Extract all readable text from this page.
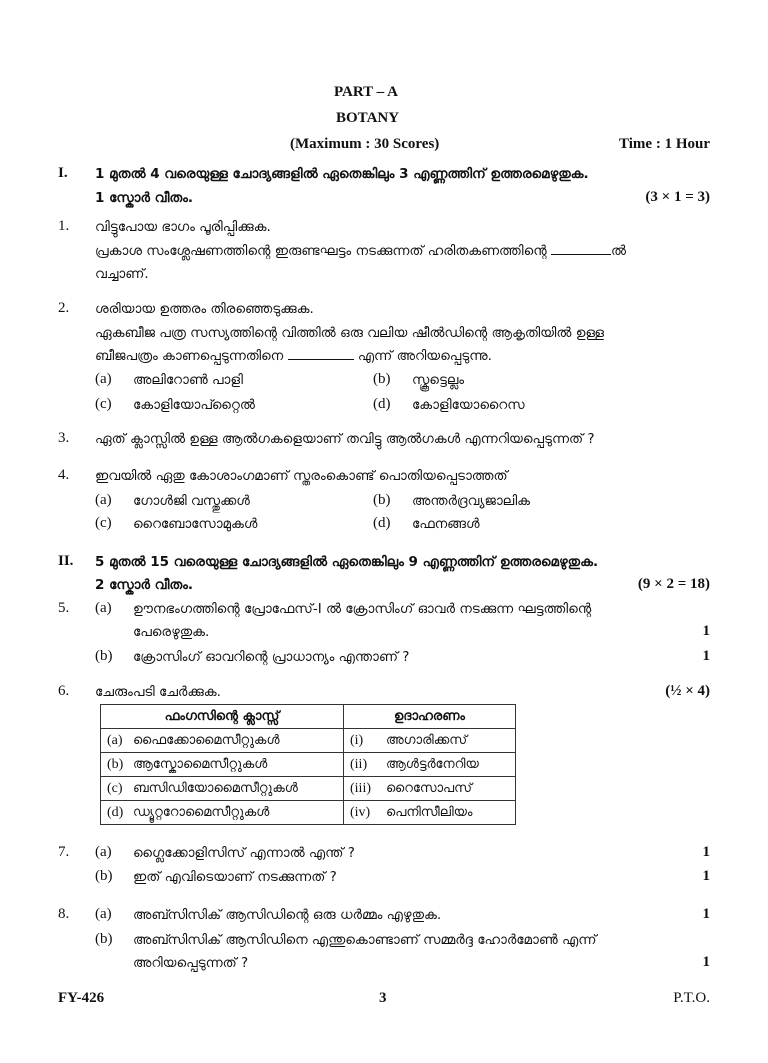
PART – A
BOTANY
(Maximum : 30 Scores)	Time : 1 Hour
I. 1 മുതൽ 4 വരെയുള്ള ചോദ്യങ്ങളിൽ ഏതെങ്കിലും 3 എണ്ണത്തിന് ഉത്തരമെഴുതുക.
1 സ്കോർ വീതം.	(3 × 1 = 3)
1. വിട്ടുപോയ ഭാഗം പൂരിപ്പിക്കുക.
പ്രകാശ സംശ്ലേഷണത്തിന്റെ ഇരുണ്ടഘട്ടം നടക്കുന്നത് ഹരിതകണത്തിന്റെ	ൽ
വച്ചാണ്.
2. ശരിയായ ഉത്തരം തിരഞ്ഞെടുക്കുക.
ഏകബീജ പത്ര സസ്യത്തിന്റെ വിത്തിൽ ഒരു വലിയ ഷീൽഡിന്റെ ആകൃതിയിൽ ഉള്ള
ബീജപത്രം കാണപ്പെടുന്നതിനെ	എന്ന് അറിയപ്പെടുന്നു.
(a) അലിറോൺ പാളി	(b) സ്കൂട്ടെല്ലം
(c) കോളിയോപ്റ്റൈൽ	(d) കോളിയോറൈസ
3. ഏത് ക്ലാസ്സിൽ ഉള്ള ആൽഗകളെയാണ് തവിട്ടു ആൽഗകൾ എന്നറിയപ്പെടുന്നത് ?
4. ഇവയിൽ ഏതു കോശാംഗമാണ് സ്തരംകൊണ്ട് പൊതിയപ്പെടാത്തത്
(a) ഗോൾജി വസ്തുക്കൾ	(b) അന്തർദ്രവ്യജാലിക
(c) റൈബോസോമുകൾ	(d) ഫേനങ്ങൾ
II. 5 മുതൽ 15 വരെയുള്ള ചോദ്യങ്ങളിൽ ഏതെങ്കിലും 9 എണ്ണത്തിന് ഉത്തരമെഴുതുക.
2 സ്കോർ വീതം.	(9 × 2 = 18)
5. (a) ഊനഭംഗത്തിന്റെ പ്രോഫേസ്-I ൽ ക്രോസിംഗ് ഓവർ നടക്കുന്ന ഘട്ടത്തിന്റെ
പേരെഴുതുക.	1
(b) ക്രോസിംഗ് ഓവറിന്റെ പ്രാധാന്യം എന്താണ് ?	1
6. ചേരുംപടി ചേർക്കുക.	(½ × 4)
ഫംഗസിന്റെ ക്ലാസ്സ്	ഉദാഹരണം
(a) ഫൈക്കോമൈസീറ്റുകൾ	(i) അഗാരിക്കസ്
(b) ആസ്കോമൈസീറ്റുകൾ	(ii) ആൾട്ടർനേറിയ
(c) ബസിഡിയോമൈസീറ്റുകൾ	(iii) റൈസോപസ്
(d) ഡ്യൂറ്ററോമൈസീറ്റുകൾ	(iv) പെനിസീലിയം
7. (a) ഗ്ലൈക്കോളിസിസ് എന്നാൽ എന്ത് ?	1
(b) ഇത് എവിടെയാണ് നടക്കുന്നത് ?	1
8. (a) അബ്സിസിക് ആസിഡിന്റെ ഒരു ധർമ്മം എഴുതുക.	1
(b) അബ്സിസിക് ആസിഡിനെ എന്തുകൊണ്ടാണ് സമ്മർദ്ദ ഹോർമോൺ എന്ന്
അറിയപ്പെടുന്നത് ?	1
FY-426	3	P.T.O.
